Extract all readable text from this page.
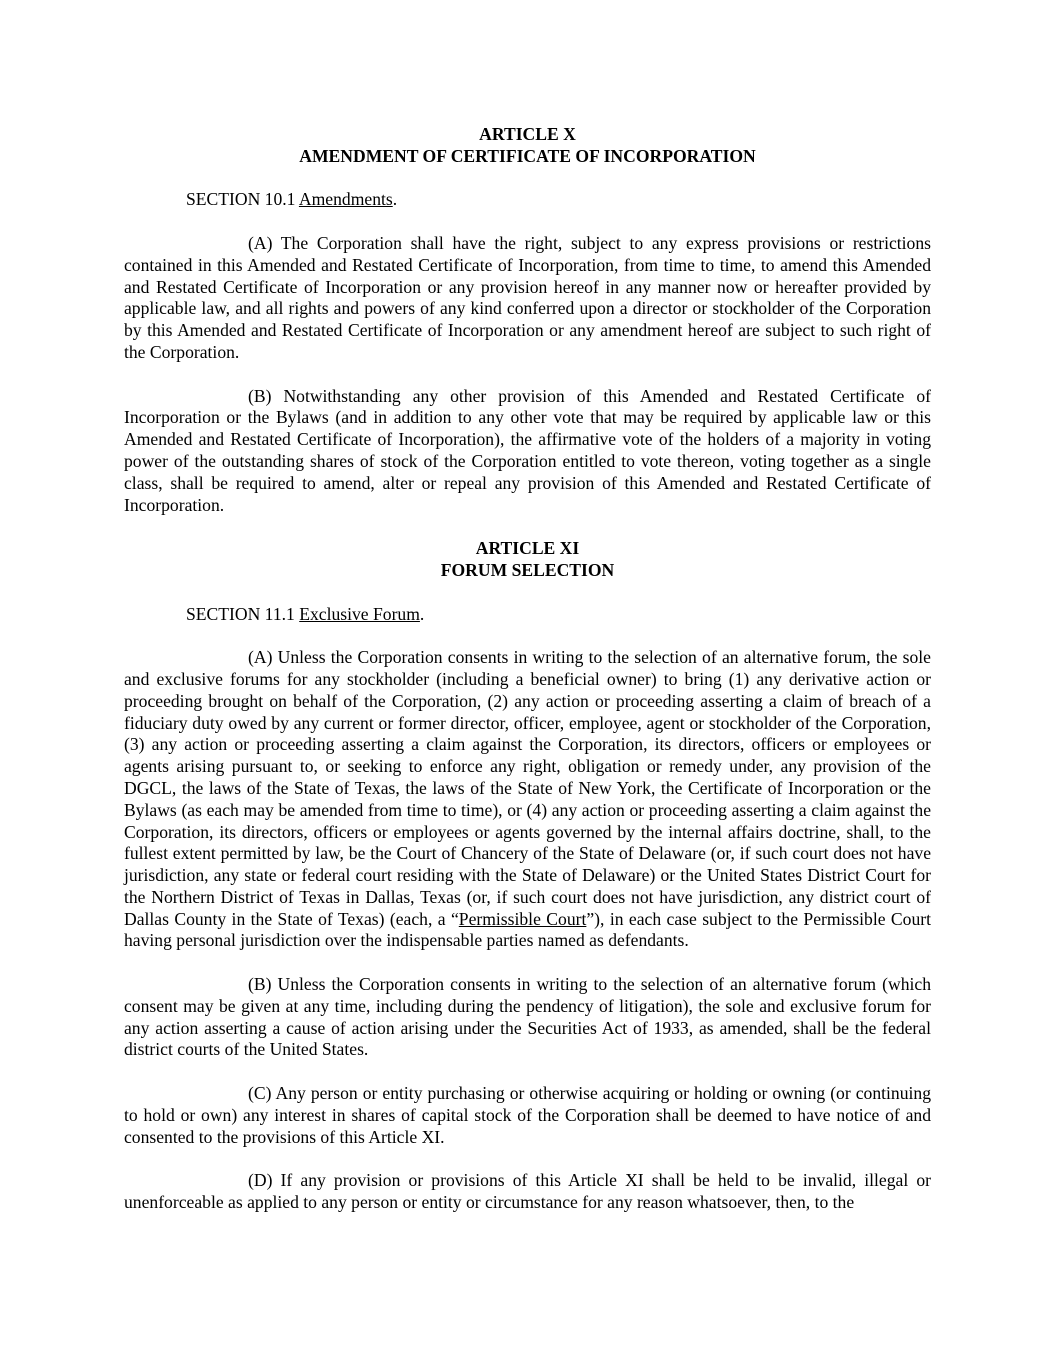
ARTICLE X

AMENDMENT OF CERTIFICATE OF INCORPORATION

SECTION 10.1 Amendments.

(A) The Corporation shall have the right, subject to any express provisions or restrictions contained in this Amended and Restated Certificate of Incorporation, from time to time, to amend this Amended and Restated Certificate of Incorporation or any provision hereof in any manner now or hereafter provided by applicable law, and all rights and powers of any kind conferred upon a director or stockholder of the Corporation by this Amended and Restated Certificate of Incorporation or any amendment hereof are subject to such right of the Corporation.

(B) Notwithstanding any other provision of this Amended and Restated Certificate of Incorporation or the Bylaws (and in addition to any other vote that may be required by applicable law or this Amended and Restated Certificate of Incorporation), the affirmative vote of the holders of a majority in voting power of the outstanding shares of stock of the Corporation entitled to vote thereon, voting together as a single class, shall be required to amend, alter or repeal any provision of this Amended and Restated Certificate of Incorporation.

ARTICLE XI

FORUM SELECTION

SECTION 11.1 Exclusive Forum.

(A) Unless the Corporation consents in writing to the selection of an alternative forum, the sole and exclusive forums for any stockholder (including a beneficial owner) to bring (1) any derivative action or proceeding brought on behalf of the Corporation, (2) any action or proceeding asserting a claim of breach of a fiduciary duty owed by any current or former director, officer, employee, agent or stockholder of the Corporation, (3) any action or proceeding asserting a claim against the Corporation, its directors, officers or employees or agents arising pursuant to, or seeking to enforce any right, obligation or remedy under, any provision of the DGCL, the laws of the State of Texas, the laws of the State of New York, the Certificate of Incorporation or the Bylaws (as each may be amended from time to time), or (4) any action or proceeding asserting a claim against the Corporation, its directors, officers or employees or agents governed by the internal affairs doctrine, shall, to the fullest extent permitted by law, be the Court of Chancery of the State of Delaware (or, if such court does not have jurisdiction, any state or federal court residing with the State of Delaware) or the United States District Court for the Northern District of Texas in Dallas, Texas (or, if such court does not have jurisdiction, any district court of Dallas County in the State of Texas) (each, a “Permissible Court”), in each case subject to the Permissible Court having personal jurisdiction over the indispensable parties named as defendants.

(B) Unless the Corporation consents in writing to the selection of an alternative forum (which consent may be given at any time, including during the pendency of litigation), the sole and exclusive forum for any action asserting a cause of action arising under the Securities Act of 1933, as amended, shall be the federal district courts of the United States.

(C) Any person or entity purchasing or otherwise acquiring or holding or owning (or continuing to hold or own) any interest in shares of capital stock of the Corporation shall be deemed to have notice of and consented to the provisions of this Article XI.

(D) If any provision or provisions of this Article XI shall be held to be invalid, illegal or unenforceable as applied to any person or entity or circumstance for any reason whatsoever, then, to the
